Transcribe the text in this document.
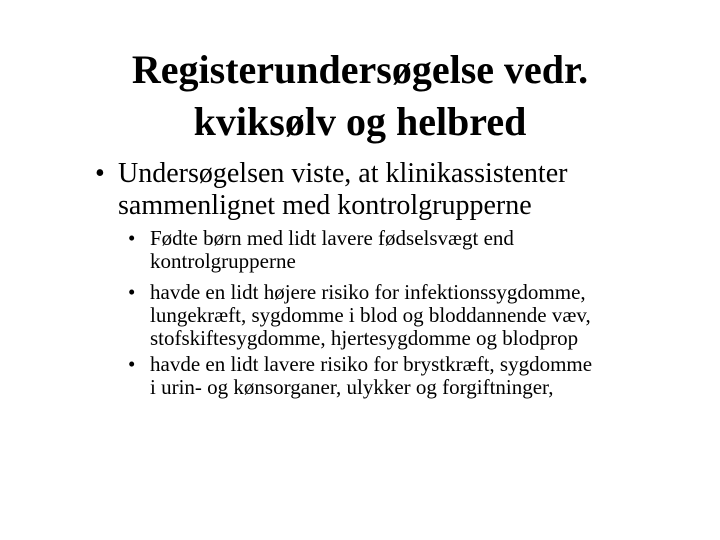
Registerundersøgelse vedr.
kviksølv og helbred
• Undersøgelsen viste, at klinikassistenter
sammenlignet med kontrolgrupperne
• Fødte børn med lidt lavere fødselsvægt end
kontrolgrupperne
• havde en lidt højere risiko for infektionssygdomme,
lungekræft, sygdomme i blod og bloddannende væv,
stofskiftesygdomme, hjertesygdomme og blodprop
• havde en lidt lavere risiko for brystkræft, sygdomme
i urin- og kønsorganer, ulykker og forgiftninger,
